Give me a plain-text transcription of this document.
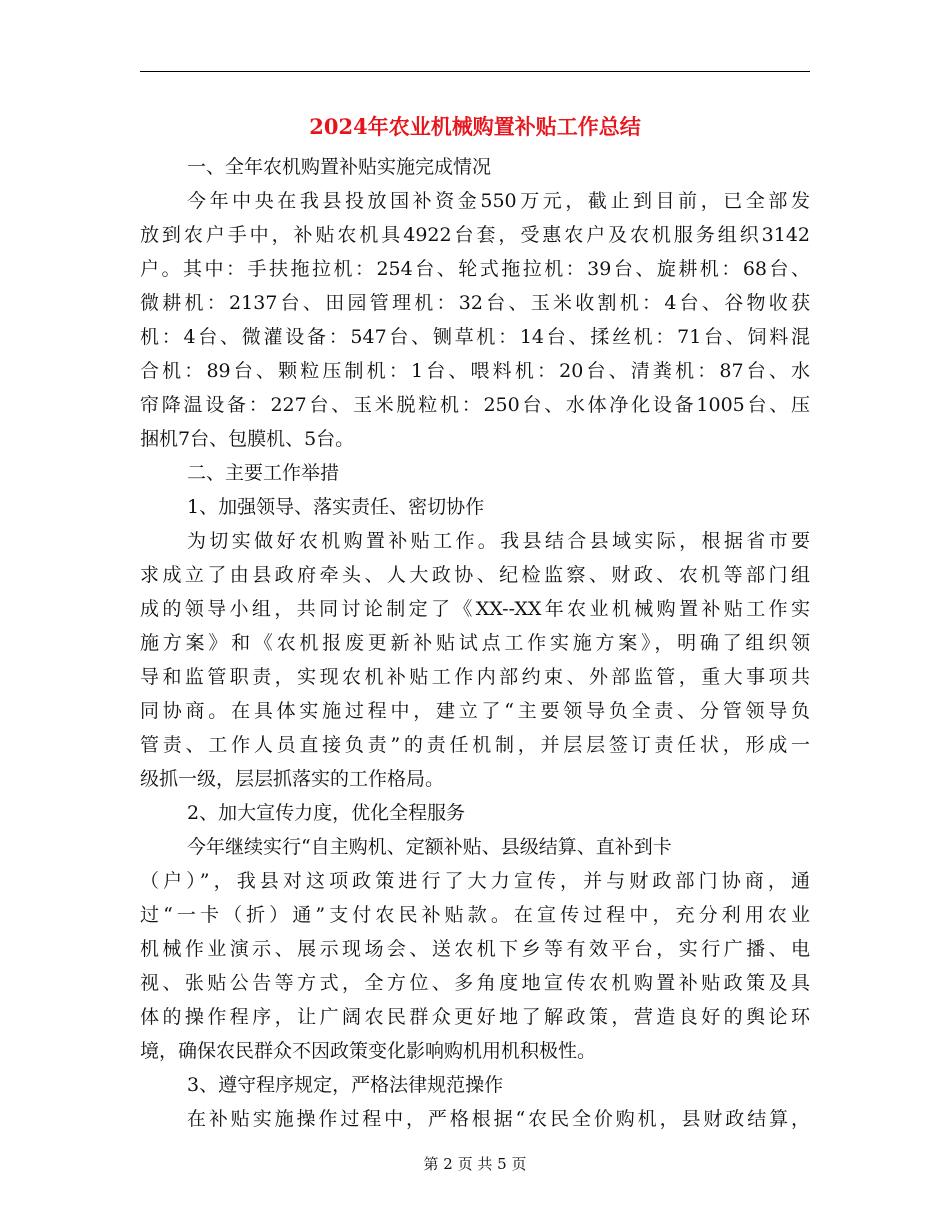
2024年农业机械购置补贴工作总结
一、全年农机购置补贴实施完成情况
今年中央在我县投放国补资金550万元，截止到目前，已全部发
放到农户手中，补贴农机具4922台套，受惠农户及农机服务组织3142
户。其中：手扶拖拉机：254台、轮式拖拉机：39台、旋耕机：68台、
微耕机：2137台、田园管理机：32台、玉米收割机：4台、谷物收获
机：4台、微灌设备：547台、铡草机：14台、揉丝机：71台、饲料混
合机：89台、颗粒压制机：1台、喂料机：20台、清粪机：87台、水
帘降温设备：227台、玉米脱粒机：250台、水体净化设备1005台、压
捆机7台、包膜机、5台。
二、主要工作举措
1、加强领导、落实责任、密切协作
为切实做好农机购置补贴工作。我县结合县域实际，根据省市要
求成立了由县政府牵头、人大政协、纪检监察、财政、农机等部门组
成的领导小组，共同讨论制定了《XX--XX年农业机械购置补贴工作实
施方案》和《农机报废更新补贴试点工作实施方案》，明确了组织领
导和监管职责，实现农机补贴工作内部约束、外部监管，重大事项共
同协商。在具体实施过程中，建立了“主要领导负全责、分管领导负
管责、工作人员直接负责”的责任机制，并层层签订责任状，形成一
级抓一级，层层抓落实的工作格局。
2、加大宣传力度，优化全程服务
今年继续实行“自主购机、定额补贴、县级结算、直补到卡
（户）”，我县对这项政策进行了大力宣传，并与财政部门协商，通
过“一卡（折）通”支付农民补贴款。在宣传过程中，充分利用农业
机械作业演示、展示现场会、送农机下乡等有效平台，实行广播、电
视、张贴公告等方式，全方位、多角度地宣传农机购置补贴政策及具
体的操作程序，让广阔农民群众更好地了解政策，营造良好的舆论环
境，确保农民群众不因政策变化影响购机用机积极性。
3、遵守程序规定，严格法律规范操作
在补贴实施操作过程中，严格根据“农民全价购机，县财政结算，
第 2 页 共 5 页
